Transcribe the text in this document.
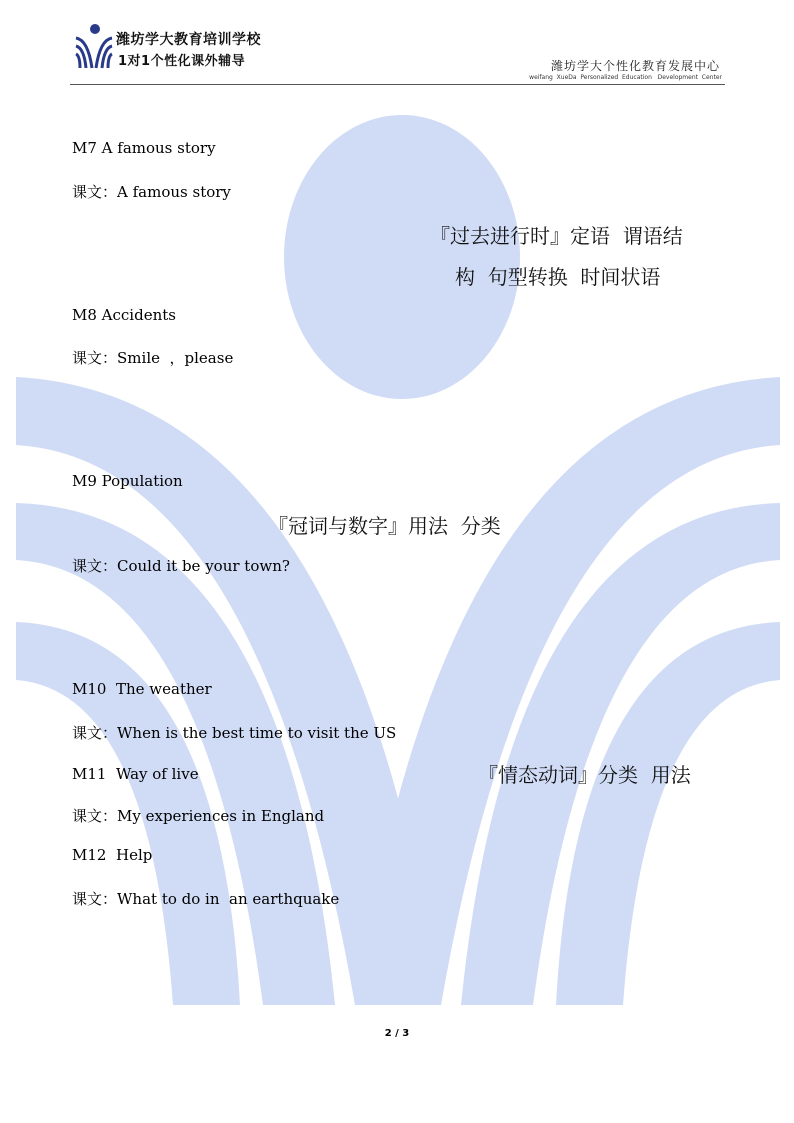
潍坊学大教育培训学校
1对1个性化课外辅导	潍坊学大个性化教育发展中心
weifang  XueDa  Personalized  Education   Development  Center
M7 A famous story
课文：A famous story
『过去进行时』定语  谓语结
构  句型转换  时间状语
M8 Accidents
课文：Smile  ，please
M9 Population
『冠词与数字』用法  分类
课文：Could it be your town?
M10  The weather
课文：When is the best time to visit the US
M11  Way of live	『情态动词』分类  用法
课文：My experiences in England
M12  Help
课文：What to do in  an earthquake
2 / 3
